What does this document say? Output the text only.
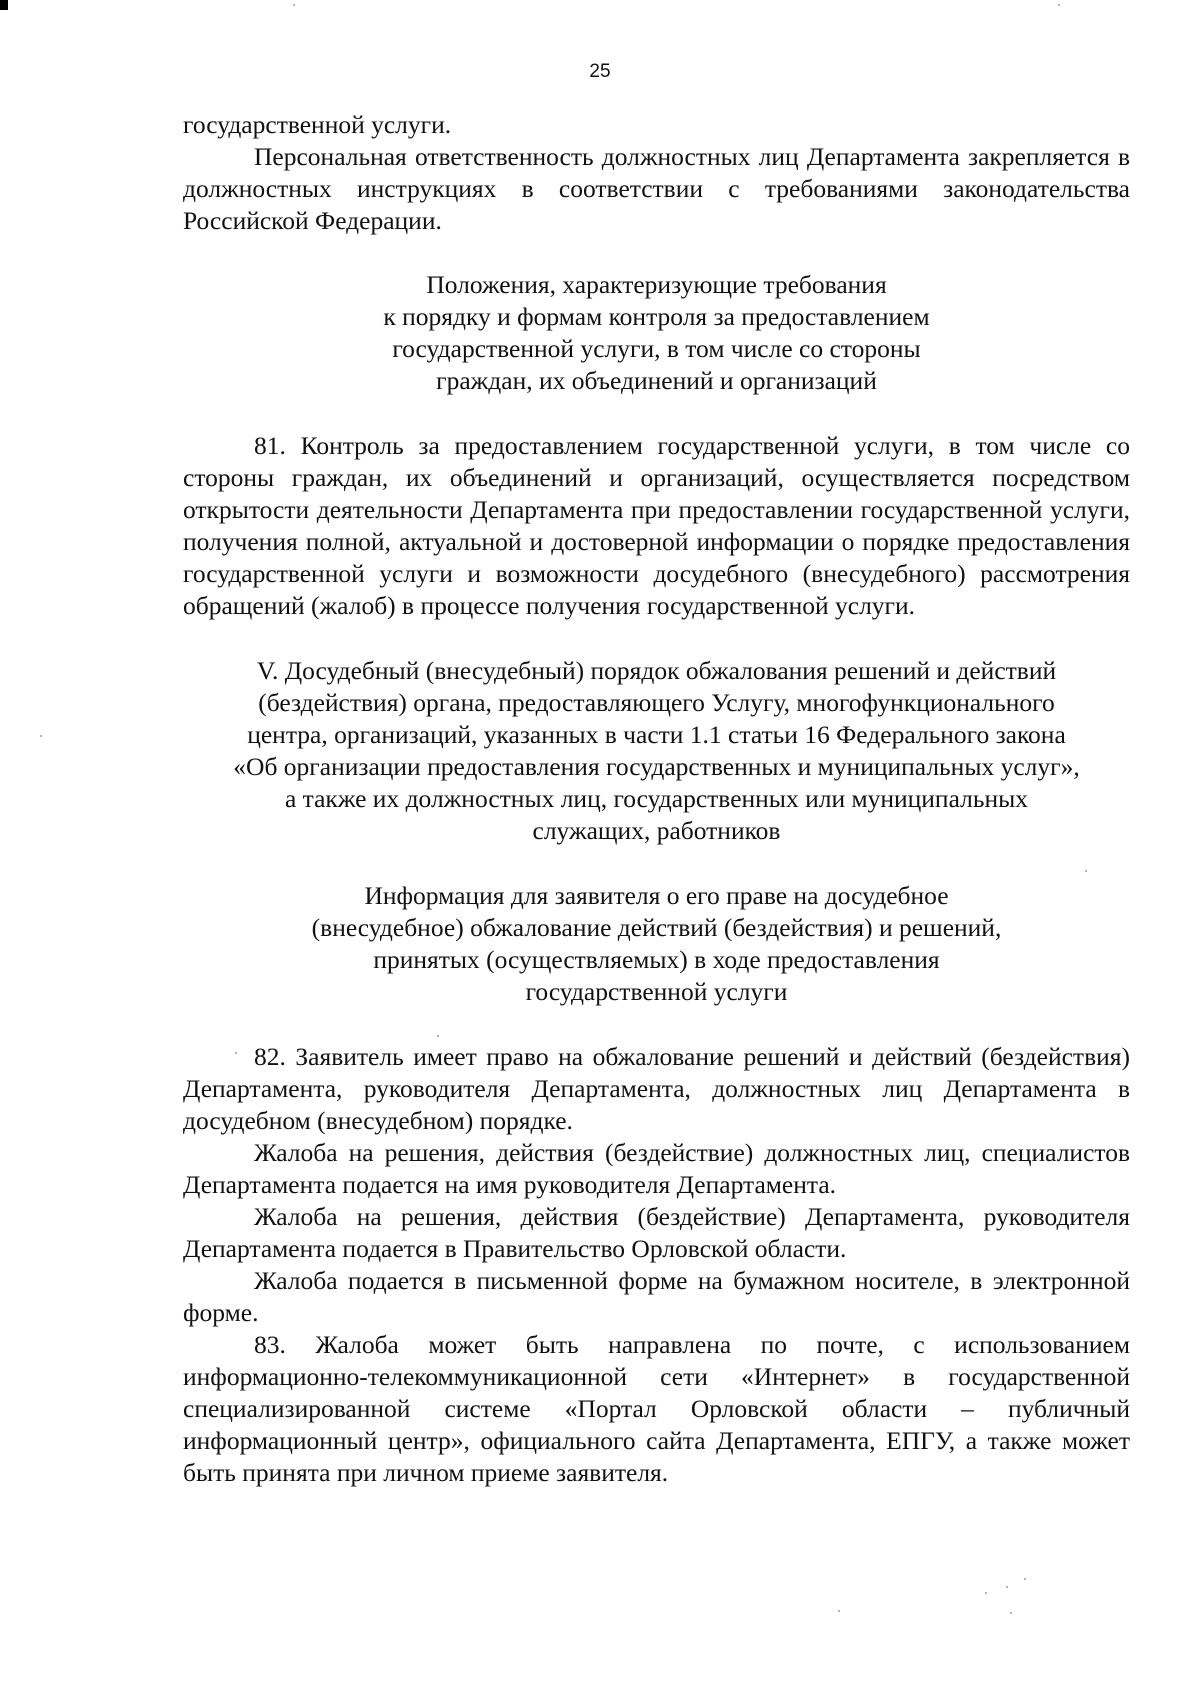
25

государственной услуги.

Персональная ответственность должностных лиц Департамента закрепляется в должностных инструкциях в соответствии с требованиями законодательства Российской Федерации.

Положения, характеризующие требования
к порядку и формам контроля за предоставлением
государственной услуги, в том числе со стороны
граждан, их объединений и организаций

81. Контроль за предоставлением государственной услуги, в том числе со стороны граждан, их объединений и организаций, осуществляется посредством открытости деятельности Департамента при предоставлении государственной услуги, получения полной, актуальной и достоверной информации о порядке предоставления государственной услуги и возможности досудебного (внесудебного) рассмотрения обращений (жалоб) в процессе получения государственной услуги.

V. Досудебный (внесудебный) порядок обжалования решений и действий
(бездействия) органа, предоставляющего Услугу, многофункционального
центра, организаций, указанных в части 1.1 статьи 16 Федерального закона
«Об организации предоставления государственных и муниципальных услуг»,
а также их должностных лиц, государственных или муниципальных
служащих, работников

Информация для заявителя о его праве на досудебное
(внесудебное) обжалование действий (бездействия) и решений,
принятых (осуществляемых) в ходе предоставления
государственной услуги

82. Заявитель имеет право на обжалование решений и действий (бездействия) Департамента, руководителя Департамента, должностных лиц Департамента в досудебном (внесудебном) порядке.

Жалоба на решения, действия (бездействие) должностных лиц, специалистов Департамента подается на имя руководителя Департамента.

Жалоба на решения, действия (бездействие) Департамента, руководителя Департамента подается в Правительство Орловской области.

Жалоба подается в письменной форме на бумажном носителе, в электронной форме.

83. Жалоба может быть направлена по почте, с использованием информационно-телекоммуникационной сети «Интернет» в государственной специализированной системе «Портал Орловской области – публичный информационный центр», официального сайта Департамента, ЕПГУ, а также может быть принята при личном приеме заявителя.
